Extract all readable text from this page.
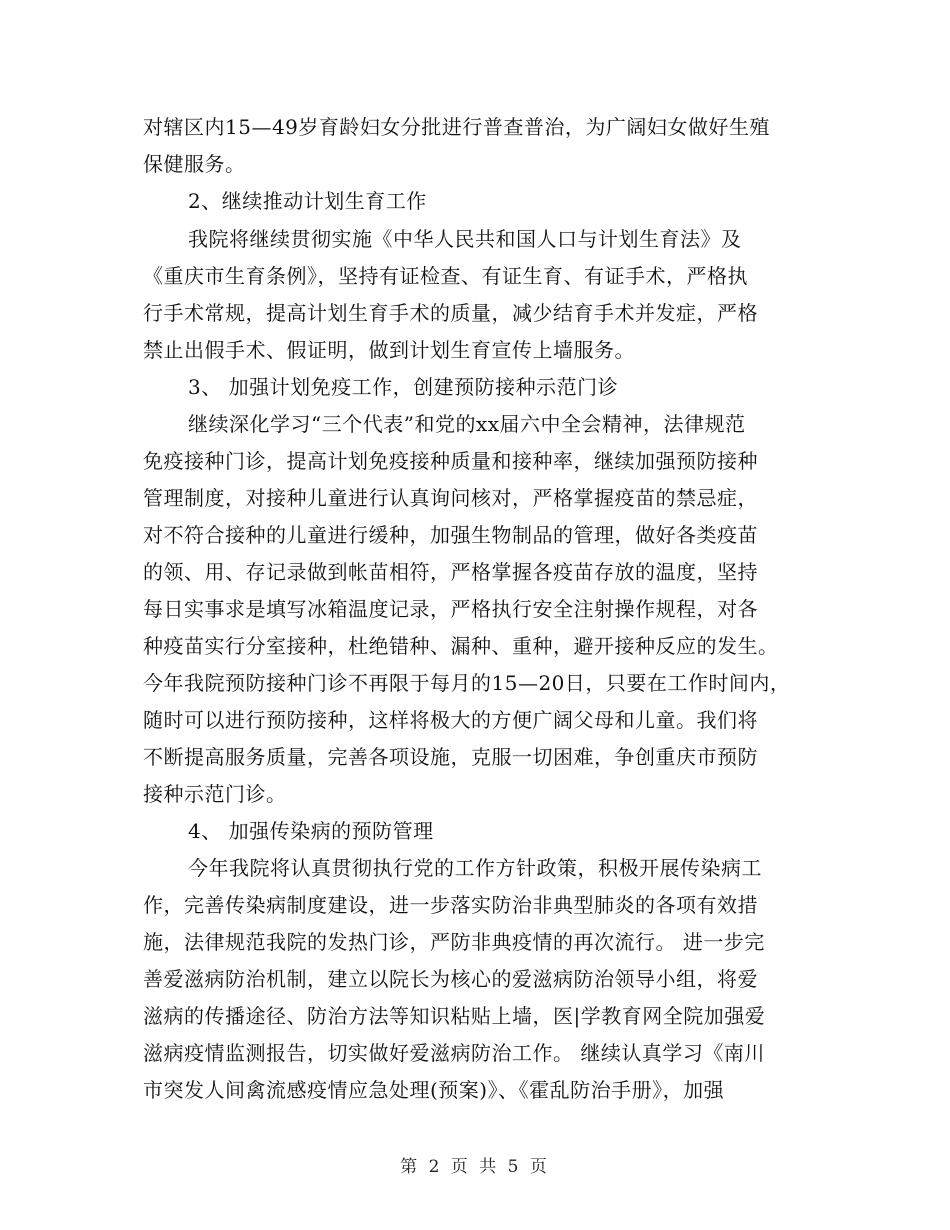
对辖区内15—49岁育龄妇女分批进行普查普治，为广阔妇女做好生殖
保健服务。
2、继续推动计划生育工作
我院将继续贯彻实施《中华人民共和国人口与计划生育法》及
《重庆市生育条例》，坚持有证检查、有证生育、有证手术，严格执
行手术常规，提高计划生育手术的质量，减少结育手术并发症，严格
禁止出假手术、假证明，做到计划生育宣传上墙服务。
3、 加强计划免疫工作，创建预防接种示范门诊
继续深化学习“三个代表”和党的xx届六中全会精神，法律规范
免疫接种门诊，提高计划免疫接种质量和接种率，继续加强预防接种
管理制度，对接种儿童进行认真询问核对，严格掌握疫苗的禁忌症，
对不符合接种的儿童进行缓种，加强生物制品的管理，做好各类疫苗
的领、用、存记录做到帐苗相符，严格掌握各疫苗存放的温度，坚持
每日实事求是填写冰箱温度记录，严格执行安全注射操作规程，对各
种疫苗实行分室接种，杜绝错种、漏种、重种，避开接种反应的发生。
今年我院预防接种门诊不再限于每月的15—20日，只要在工作时间内，
随时可以进行预防接种，这样将极大的方便广阔父母和儿童。我们将
不断提高服务质量，完善各项设施，克服一切困难，争创重庆市预防
接种示范门诊。
4、 加强传染病的预防管理
今年我院将认真贯彻执行党的工作方针政策，积极开展传染病工
作，完善传染病制度建设，进一步落实防治非典型肺炎的各项有效措
施，法律规范我院的发热门诊，严防非典疫情的再次流行。 进一步完
善爱滋病防治机制，建立以院长为核心的爱滋病防治领导小组，将爱
滋病的传播途径、防治方法等知识粘贴上墙，医|学教育网全院加强爱
滋病疫情监测报告，切实做好爱滋病防治工作。 继续认真学习《南川
市突发人间禽流感疫情应急处理(预案)》、《霍乱防治手册》，加强
第 2 页 共 5 页
